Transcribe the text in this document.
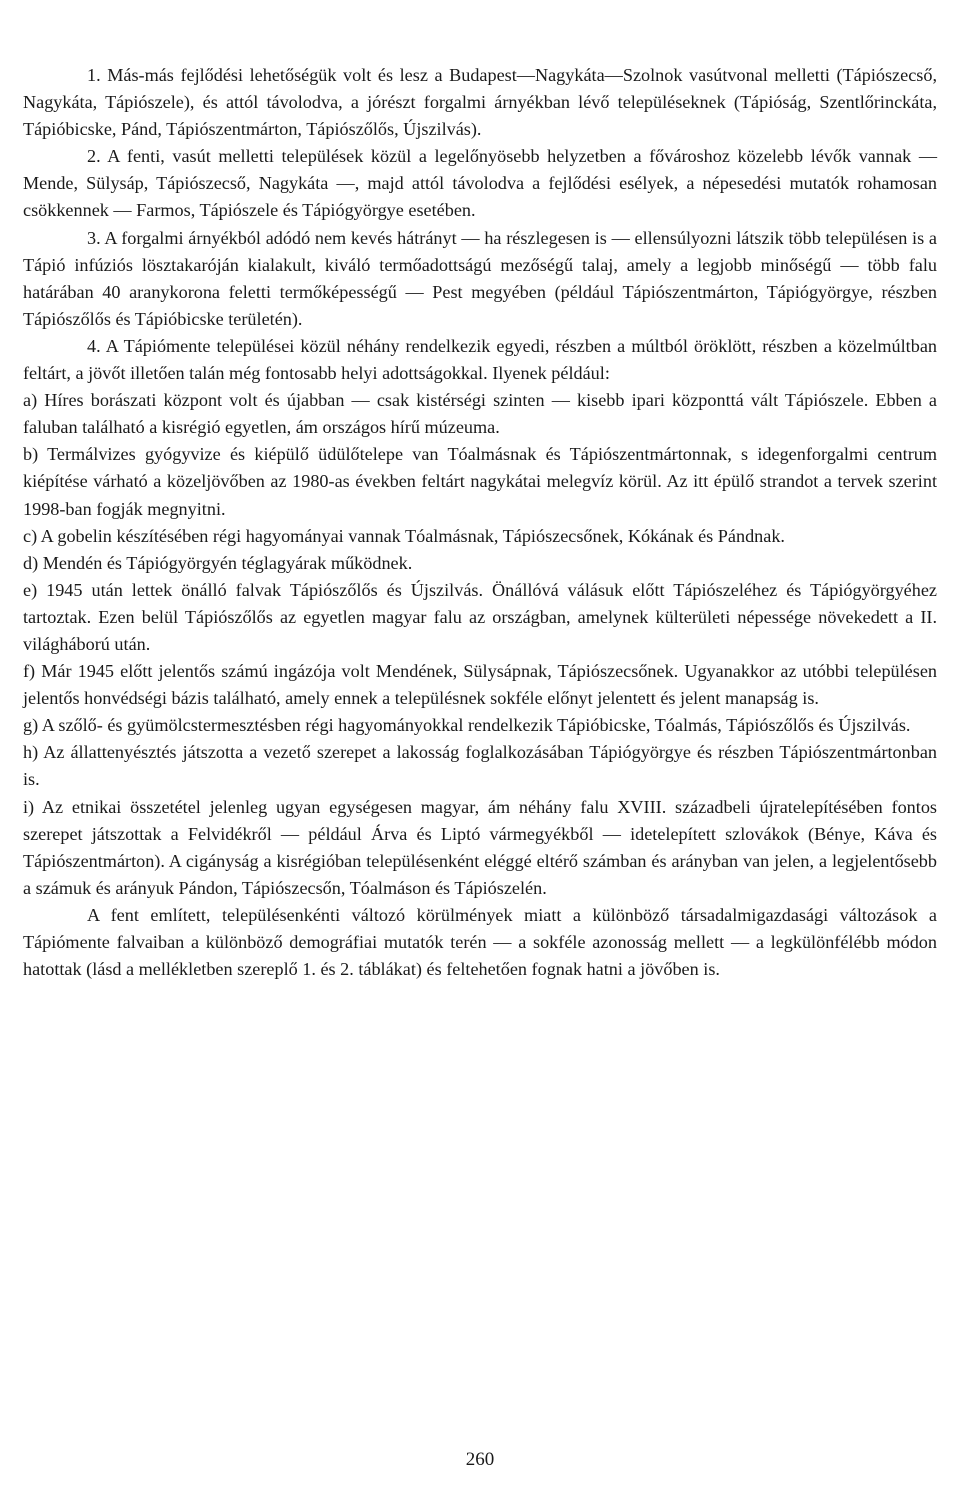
1. Más-más fejlődési lehetőségük volt és lesz a Budapest—Nagykáta—Szolnok vasútvonal melletti (Tápiószecső, Nagykáta, Tápiószele), és attól távolodva, a jórészt forgalmi árnyékban lévő településeknek (Tápióság, Szentlőrinckáta, Tápióbicske, Pánd, Tápiószentmárton, Tápiószőlős, Újszilvás).

2. A fenti, vasút melletti települések közül a legelőnyösebb helyzetben a fővároshoz közelebb lévők vannak — Mende, Sülysáp, Tápiószecső, Nagykáta —, majd attól távolodva a fejlődési esélyek, a népesedési mutatók rohamosan csökkennek — Farmos, Tápiószele és Tápiógyörgye esetében.

3. A forgalmi árnyékból adódó nem kevés hátrányt — ha részlegesen is — ellensúlyozni látszik több településen is a Tápió infúziós lösztakaróján kialakult, kiváló termőadottságú mezőségű talaj, amely a legjobb minőségű — több falu határában 40 aranykorona feletti termőképességű — Pest megyében (például Tápiószentmárton, Tápiógyörgye, részben Tápiószőlős és Tápióbicske területén).

4. A Tápiómente települései közül néhány rendelkezik egyedi, részben a múltból öröklött, részben a közelmúltban feltárt, a jövőt illetően talán még fontosabb helyi adottságokkal. Ilyenek például:

a) Híres borászati központ volt és újabban — csak kistérségi szinten — kisebb ipari központtá vált Tápiószele. Ebben a faluban található a kisrégió egyetlen, ám országos hírű múzeuma.

b) Termálvizes gyógyvize és kiépülő üdülőtelepe van Tóalmásnak és Tápiószentmártonnak, s idegenforgalmi centrum kiépítése várható a közeljövőben az 1980-as években feltárt nagykátai melegvíz körül. Az itt épülő strandot a tervek szerint 1998-ban fogják megnyitni.

c) A gobelin készítésében régi hagyományai vannak Tóalmásnak, Tápiószecsőnek, Kókának és Pándnak.

d) Mendén és Tápiógyörgyén téglagyárak működnek.

e) 1945 után lettek önálló falvak Tápiószőlős és Újszilvás. Önállóvá válásuk előtt Tápiószeléhez és Tápiógyörgyéhez tartoztak. Ezen belül Tápiószőlős az egyetlen magyar falu az országban, amelynek külterületi népessége növekedett a II. világháború után.

f) Már 1945 előtt jelentős számú ingázója volt Mendének, Sülysápnak, Tápiószecsőnek. Ugyanakkor az utóbbi településen jelentős honvédségi bázis található, amely ennek a településnek sokféle előnyt jelentett és jelent manapság is.

g) A szőlő- és gyümölcstermesztésben régi hagyományokkal rendelkezik Tápióbicske, Tóalmás, Tápiószőlős és Újszilvás.

h) Az állattenyésztés játszotta a vezető szerepet a lakosság foglalkozásában Tápiógyörgye és részben Tápiószentmártonban is.

i) Az etnikai összetétel jelenleg ugyan egységesen magyar, ám néhány falu XVIII. századbeli újratelepítésében fontos szerepet játszottak a Felvidékről — például Árva és Liptó vármegyékből — idetelepített szlovákok (Bénye, Káva és Tápiószentmárton). A cigányság a kisrégióban településenként eléggé eltérő számban és arányban van jelen, a legjelentősebb a számuk és arányuk Pándon, Tápiószecsőn, Tóalmáson és Tápiószelén.

A fent említett, településenkénti változó körülmények miatt a különböző társadalmigazdasági változások a Tápiómente falvaiban a különböző demográfiai mutatók terén — a sokféle azonosság mellett — a legkülönfélébb módon hatottak (lásd a mellékletben szereplő 1. és 2. táblákat) és feltehetően fognak hatni a jövőben is.

260
